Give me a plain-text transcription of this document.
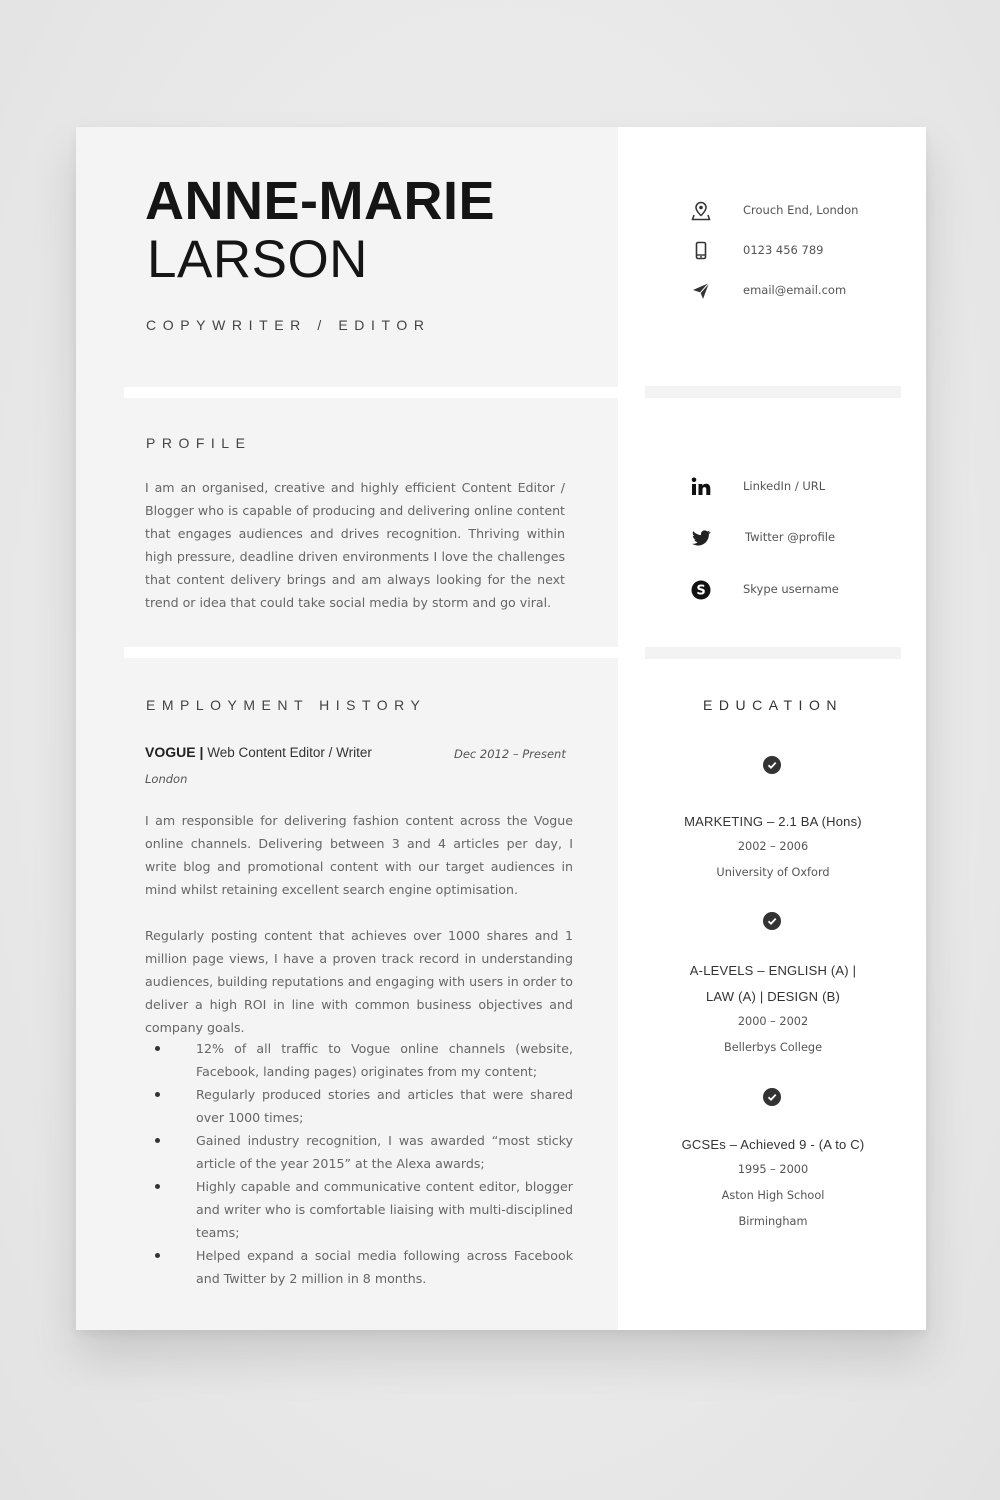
ANNE-MARIE
LARSON
COPYWRITER / EDITOR
PROFILE

I am an organised, creative and highly efficient Content Editor / Blogger who is capable of producing and delivering online content that engages audiences and drives recognition. Thriving within high pressure, deadline driven environments I love the challenges that content delivery brings and am always looking for the next trend or idea that could take social media by storm and go viral.

EMPLOYMENT HISTORY
VOGUE | Web Content Editor / Writer	Dec 2012 – Present
London

I am responsible for delivering fashion content across the Vogue online channels. Delivering between 3 and 4 articles per day, I write blog and promotional content with our target audiences in mind whilst retaining excellent search engine optimisation.

Regularly posting content that achieves over 1000 shares and 1 million page views, I have a proven track record in understanding audiences, building reputations and engaging with users in order to deliver a high ROI in line with common business objectives and company goals.

12% of all traffic to Vogue online channels (website, Facebook, landing pages) originates from my content;
Regularly produced stories and articles that were shared over 1000 times;
Gained industry recognition, I was awarded “most sticky article of the year 2015” at the Alexa awards;
Highly capable and communicative content editor, blogger and writer who is comfortable liaising with multi-disciplined teams;
Helped expand a social media following across Facebook and Twitter by 2 million in 8 months.
Crouch End, London
0123 456 789
email@email.com
LinkedIn / URL
Twitter @profile
S	Skype username
EDUCATION
MARKETING – 2.1 BA (Hons)
2002 – 2006
University of Oxford
A-LEVELS – ENGLISH (A) |
LAW (A) | DESIGN (B)
2000 – 2002
Bellerbys College
GCSEs – Achieved 9 - (A to C)
1995 – 2000
Aston High School
Birmingham
